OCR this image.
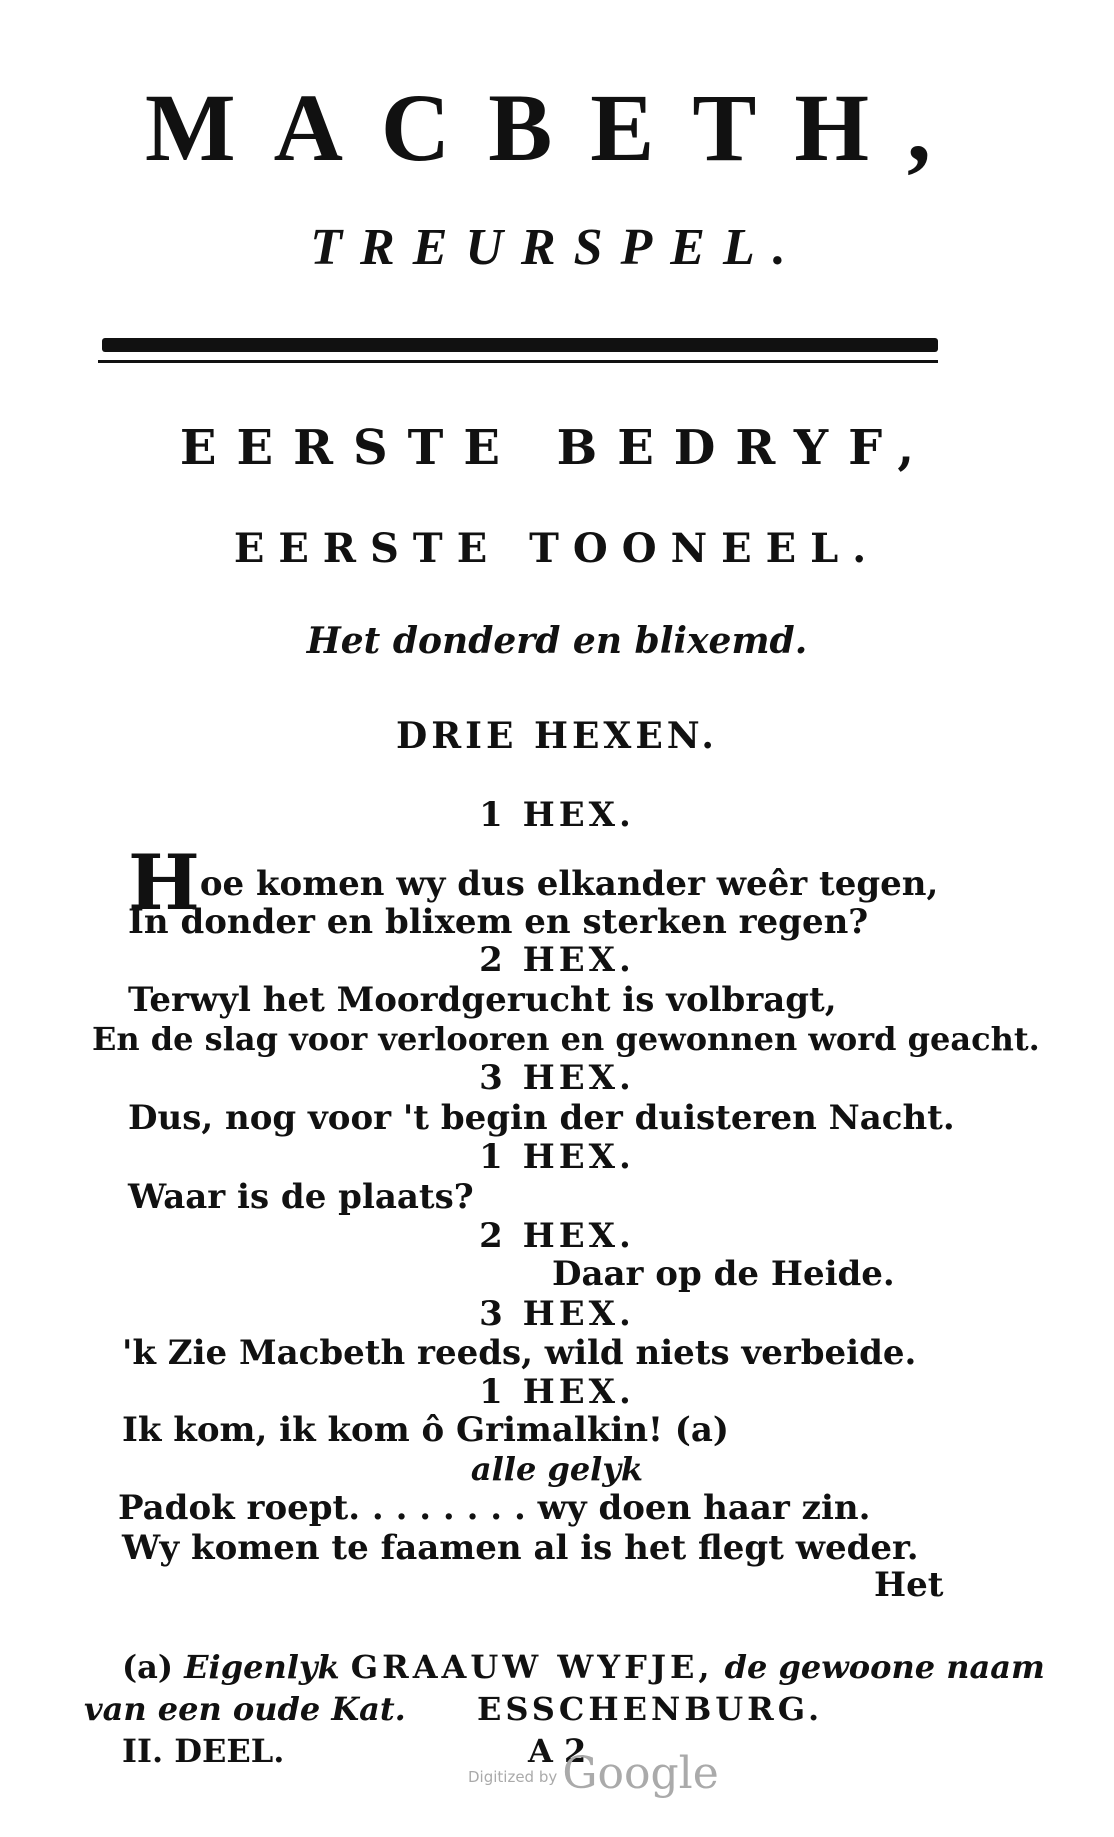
MACBETH,
TREURSPEL.
EERSTE BEDRYF,
EERSTE TOONEEL.
Het donderd en blixemd.
DRIE HEXEN.
1 HEX.
Hoe komen wy dus elkander weêr tegen,
In donder en blixem en sterken regen?
2 HEX.
Terwyl het Moordgerucht is volbragt,
En de slag voor verlooren en gewonnen word geacht.
3 HEX.
Dus, nog voor 't begin der duisteren Nacht.
1 HEX.
Waar is de plaats?
2 HEX.
Daar op de Heide.
3 HEX.
'k Zie Macbeth reeds, wild niets verbeide.
1 HEX.
Ik kom, ik kom ô Grimalkin! (a)
alle gelyk
Padok roept. . . . . . . . wy doen haar zin.
Wy komen te faamen al is het flegt weder.
Het
(a) Eigenlyk GRAAUW WYFJE, de gewoone naam
van een oude Kat. ESSCHENBURG.
II. DEEL.	A 2
Digitized by Google
